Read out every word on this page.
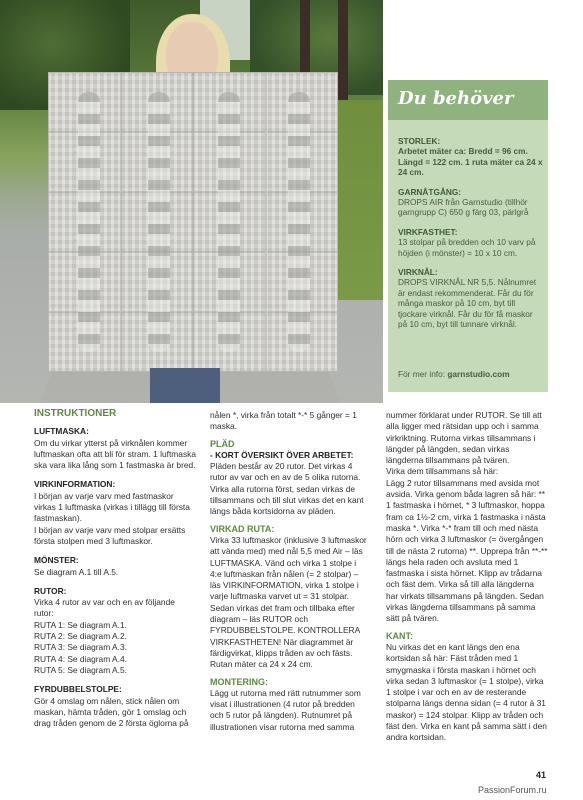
Du behöver
STORLEK:
Arbetet mäter ca: Bredd = 96 cm. Längd = 122 cm. 1 ruta mäter ca 24 x 24 cm.
GARNÅTGÅNG:
DROPS AIR från Garnstudio (tillhör garngrupp C) 650 g färg 03, pärlgrå
VIRKFASTHET:
13 stolpar på bredden och 10 varv på höjden (i mönster) = 10 x 10 cm.
VIRKNÅL:
DROPS VIRKNÅL NR 5,5. Nålnumret är endast rekommenderat. Får du för många maskor på 10 cm, byt till tjockare virknål. Får du för få maskor på 10 cm, byt till tunnare virknål.
För mer info: garnstudio.com
INSTRUKTIONER
LUFTMASKA:
Om du virkar ytterst på virknålen kommer luftmaskan ofta att bli för stram. 1 luftmaska ska vara lika lång som 1 fastmaska är bred.
VIRKINFORMATION:
I början av varje varv med fastmaskor virkas 1 luftmaska (virkas i tillägg till första fastmaskan).
I början av varje varv med stolpar ersätts första stolpen med 3 luftmaskor.
MÖNSTER:
Se diagram A.1 till A.5.
RUTOR:
Virka 4 rutor av var och en av följande rutor:
RUTA 1: Se diagram A.1.
RUTA 2: Se diagram A.2.
RUTA 3: Se diagram A.3.
RUTA 4: Se diagram A.4.
RUTA 5: Se diagram A.5.
FYRDUBBELSTOLPE:
Gör 4 omslag om nålen, stick nålen om maskan, hämta tråden, gör 1 omslag och drag tråden genom de 2 första öglorna på
nålen *, virka från totalt *-* 5 gånger = 1 maska.
PLÄD
- KORT ÖVERSIKT ÖVER ARBETET:
Pläden består av 20 rutor. Det virkas 4 rutor av var och en av de 5 olika rutorna. Virka alla rutorna först, sedan virkas de tillsammans och till slut virkas det en kant längs båda kortsidorna av pläden.
VIRKAD RUTA:
Virka 33 luftmaskor (inklusive 3 luftmaskor att vända med) med nål 5,5 med Air – läs LUFTMASKA. Vänd och virka 1 stolpe i 4:e luftmaskan från nålen (= 2 stolpar) – läs VIRKINFORMATION, virka 1 stolpe i varje luftmaska varvet ut = 31 stolpar.
Sedan virkas det fram och tillbaka efter diagram – läs RUTOR och FYRDUBBELSTOLPE. KONTROLLERA VIRKFASTHETEN! När diagrammet är färdigvirkat, klipps tråden av och fästs. Rutan mäter ca 24 x 24 cm.
MONTERING:
Lägg ut rutorna med rätt rutnummer som visat i illustrationen (4 rutor på bredden och 5 rutor på längden). Rutnumret på illustrationen visar rutorna med samma
nummer förklarat under RUTOR. Se till att alla ligger med rätsidan upp och i samma virkriktning. Rutorna virkas tillsammans i längder på längden, sedan virkas längderna tillsammans på tvären.
Virka dem tillsammans så här:
Lägg 2 rutor tillsammans med avsida mot avsida. Virka genom båda lagren så här: ** 1 fastmaska i hörnet, * 3 luftmaskor, hoppa fram ca 1½-2 cm, virka 1 fastmaska i nästa maska *. Virka *-* fram till och med nästa hörn och virka 3 luftmaskor (= övergången till de nästa 2 rutorna) **. Upprepa från **-** längs hela raden och avsluta med 1 fastmaska i sista hörnet. Klipp av trådarna och fäst dem. Virka så till alla längderna har virkats tillsammans på längden. Sedan virkas längderna tillsammans på samma sätt på tvären.
KANT:
Nu virkas det en kant längs den ena kortsidan så här: Fäst tråden med 1 smygmaska i första maskan i hörnet och virka sedan 3 luftmaskor (= 1 stolpe), virka 1 stolpe i var och en av de resterande stolparna längs denna sidan (= 4 rutor à 31 maskor) = 124 stolpar. Klipp av tråden och fäst den. Virka en kant på samma sätt i den andra kortsidan.
41
PassionForum.ru
